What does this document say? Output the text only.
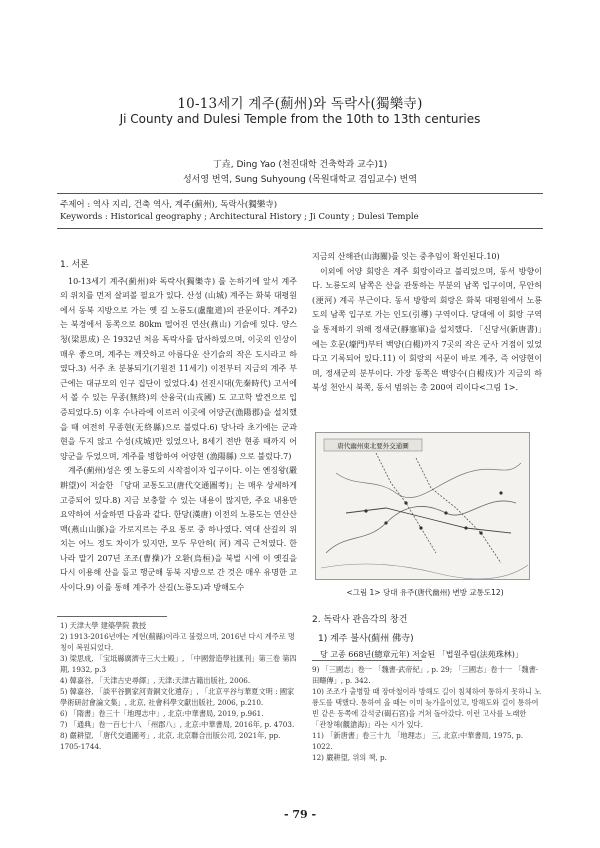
10-13세기 계주(薊州)와 독락사(獨樂寺)
Ji County and Dulesi Temple from the 10th to 13th centuries
丁垚, Ding Yao (천진대학 건축학과 교수)1)
성서영 번역, Sung Suhyoung (목원대학교 겸임교수) 번역
주제어 : 역사 지리, 건축 역사, 계주(薊州), 독락사(獨樂寺)
Keywords : Historical geography ; Architectural History ; Ji County ; Dulesi Temple
1. 서론

10-13세기 계주(薊州)와 독락사(獨樂寺) 를 논하기에 앞서 계주의 위치를 먼저 살펴볼 필요가 있다. 산성 (山城) 계주는 화북 대평원에서 동북 지방으로 가는 옛 길 노룡도(盧龍道)의 관문이다. 계주2)는 북경에서 동쪽으로 80km 떨어진 연산(燕山) 기슭에 있다. 양스청(梁思成) 은 1932년 처음 독락사를 답사하였으며, 이곳의 인상이 매우 좋으며, 계주는 깨끗하고 아름다운 산기슭의 작은 도시라고 하였다.3) 서주 초 분봉되기(기원전 11세기) 이전부터 지금의 계주 부근에는 대규모의 인구 집단이 있었다.4) 선진시대(先秦時代) 고서에서 볼 수 있는 무종(無終)의 산융국(山戎國) 도 고고학 발견으로 입증되었다.5) 이후 수나라에 이르러 이곳에 어양군(漁陽郡)을 설치했을 때 여전히 무종현(无終縣)으로 불렀다.6) 당나라 초기에는 군과 현을 두지 않고 수성(戍城)만 있었으나, 8세기 전반 현종 때까지 어양군을 두었으며, 계주를 병합하여 어양현 (漁陽縣) 으로 불렀다.7)

계주(薊州)성은 옛 노룡도의 시작점이자 입구이다. 이는 옌징왕(嚴耕望)이 저술한 「당대 교통도고(唐代交通圖考)」는 매우 상세하게 고증되어 있다.8) 지금 보충할 수 있는 내용이 많지만, 주요 내용만 요약하여 서술하면 다음과 같다. 한당(漢唐) 이전의 노룡도는 연산산맥(燕山山脈)을 가로지르는 주요 통로 중 하나였다. 역대 산길의 위치는 어느 정도 차이가 있지만, 모두 무안허( 河) 계곡 근처였다. 한나라 말기 207년 조조(曹操)가 오환(烏桓)을 북벌 시에 이 옛길을 다시 이용해 산을 돌고 행군해 동북 지방으로 간 것은 매우 유명한 고사이다.9) 이를 통해 계주가 산길(노룡도)과 방해도수

1) 天津大學 建築學院 教授

2) 1913-2016년에는 계현(薊縣)이라고 불렸으며, 2016년 다시 계주로 명칭이 복원되었다.

3) 梁思成, 「宝坻縣廣濟寺三大士殿」, 「中國營造學社匯刊」第三卷 第四期, 1932, p.3

4) 韓嘉谷, 「天津古史尋繹」, 天津:天津古籍出版社, 2006.

5) 韓嘉谷, 「談平谷劉家河青銅文化遺存」, 「北京平谷与華夏文明 : 國家學術研討會論文集」, 北京, 社會科學文獻出版社, 2006, p.210.

6) 「隋書」卷三十「地理志中」, 北京:中華書局, 2019, p.961.

7) 「通典」卷一百七十八 「州郡八」, 北京:中華書局, 2016年, p. 4703.

8) 嚴耕望, 「唐代交通圖考」, 北京, 北京聯合出版公司, 2021年, pp. 1705-1744.

지금의 산해관(山海關)를 잇는 중추임이 확인된다.10)

이외에 어양 회랑은 계주 회랑이라고 불리었으며, 동서 방향이다. 노룡도의 남쪽은 산을 관통하는 부분의 남쪽 입구이며, 무안허(浭河) 계곡 부근이다. 동서 방향의 회랑은 화북 대평원에서 노룡도의 남쪽 입구로 가는 인도(引導) 구역이다. 당대에 이 회랑 구역을 통제하기 위해 정새군(靜塞軍)을 설치했다. 「신당서(新唐書)」에는 호문(壕門)부터 백양(白楊)까지 7곳의 작은 군사 거점이 있었다고 기록되어 있다.11) 이 회랑의 서문이 바로 계주, 즉 어양현이며, 정새군의 분부이다. 가장 동쪽은 백양수(白楊戍)가 지금의 하북성 천안시 북쪽, 동서 범위는 총 200여 리이다<그림 1>.

唐代幽州東北要外交通圖
<그림 1> 당대 유주(唐代幽州) 변방 교통도12)
2. 독락사 관음각의 창건
1) 계주 불사(薊州 佛寺)

당 고종 668년(總章元年) 저술된 「법원주림(法苑珠林)」

9) 「三國志」卷一 「魏書·武帝紀」, p. 29; 「三國志」卷十一 「魏書·田疇傳」, p. 342.

10) 조조가 출병할 때 장마철이라 방해도 길이 침체하여 통하지 못하니 노룡도를 택했다. 통하여 올 때는 이미 늦가을이었고, 방해도와 길이 통하여 빈 같은 동쪽에 갈석궁(碣石宮)을 거쳐 돌아갔다. 이런 고사를 노래한 「관창해(觀滄海)」라는 시가 있다.

11) 「新唐書」卷三十九 「地理志」 三, 北京:中華書局, 1975, p. 1022.

12) 嚴耕望, 위의 책, p.

- 79 -
